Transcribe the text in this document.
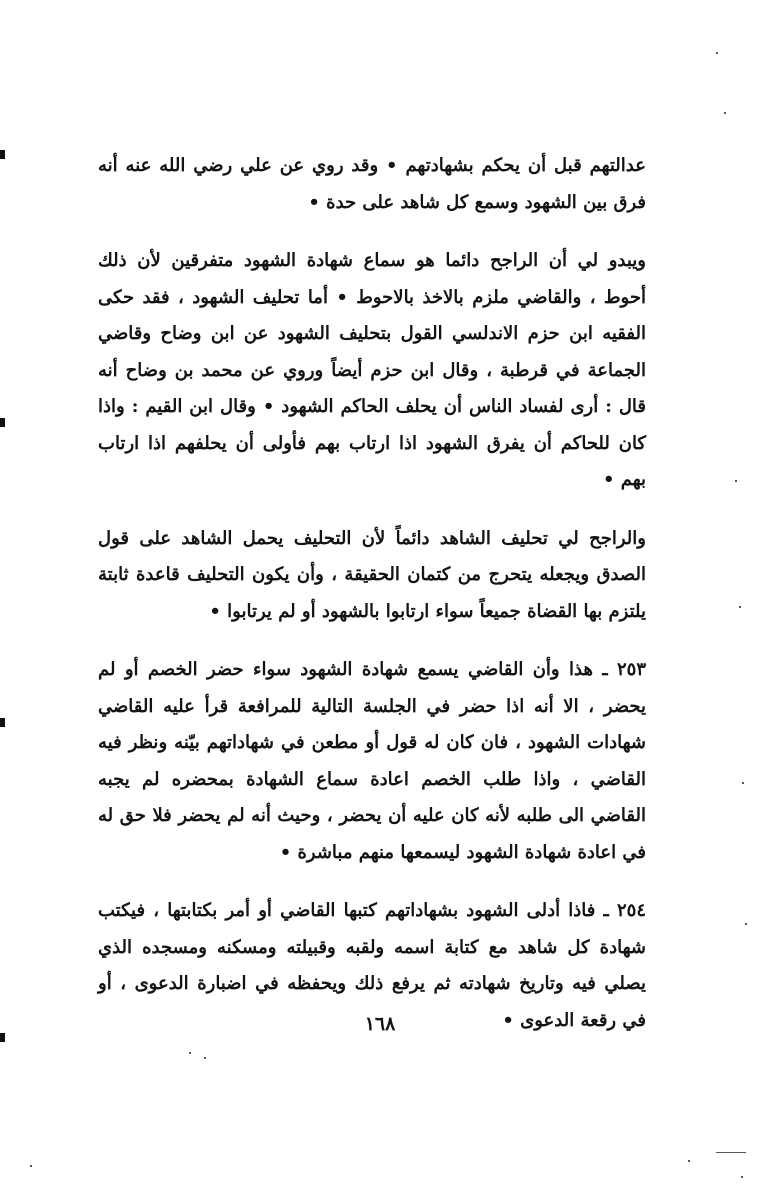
عدالتهم قبل أن يحكم بشهادتهم • وقد روي عن علي رضي الله عنه أنه فرق بين الشهود وسمع كل شاهد على حدة •

ويبدو لي أن الراجح دائما هو سماع شهادة الشهود متفرقين لأن ذلك أحوط ، والقاضي ملزم بالاخذ بالاحوط • أما تحليف الشهود ، فقد حكى الفقيه ابن حزم الاندلسي القول بتحليف الشهود عن ابن وضاح وقاضي الجماعة في قرطبة ، وقال ابن حزم أيضاً وروي عن محمد بن وضاح أنه قال : أرى لفساد الناس أن يحلف الحاكم الشهود • وقال ابن القيم : واذا كان للحاكم أن يفرق الشهود اذا ارتاب بهم فأولى أن يحلفهم اذا ارتاب بهم •

والراجح لي تحليف الشاهد دائماً لأن التحليف يحمل الشاهد على قول الصدق ويجعله يتحرج من كتمان الحقيقة ، وأن يكون التحليف قاعدة ثابتة يلتزم بها القضاة جميعاً سواء ارتابوا بالشهود أو لم يرتابوا •

٢٥٣ ـ هذا وأن القاضي يسمع شهادة الشهود سواء حضر الخصم أو لم يحضر ، الا أنه اذا حضر في الجلسة التالية للمرافعة قرأ عليه القاضي شهادات الشهود ، فان كان له قول أو مطعن في شهاداتهم بيّنه ونظر فيه القاضي ، واذا طلب الخصم اعادة سماع الشهادة بمحضره لم يجبه القاضي الى طلبه لأنه كان عليه أن يحضر ، وحيث أنه لم يحضر فلا حق له في اعادة شهادة الشهود ليسمعها منهم مباشرة •

٢٥٤ ـ فاذا أدلى الشهود بشهاداتهم كتبها القاضي أو أمر بكتابتها ، فيكتب شهادة كل شاهد مع كتابة اسمه ولقبه وقبيلته ومسكنه ومسجده الذي يصلي فيه وتاريخ شهادته ثم يرفع ذلك ويحفظه في اضبارة الدعوى ، أو في رقعة الدعوى •

١٦٨
